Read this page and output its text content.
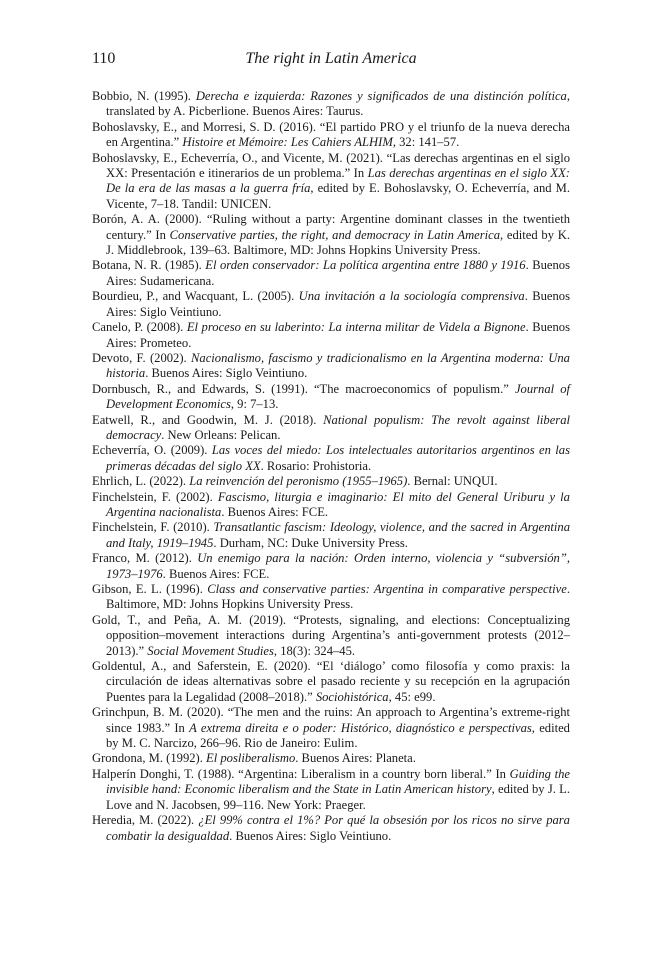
110	The right in Latin America

Bobbio, N. (1995). Derecha e izquierda: Razones y significados de una distinción política, translated by A. Picberlione. Buenos Aires: Taurus.

Bohoslavsky, E., and Morresi, S. D. (2016). “El partido PRO y el triunfo de la nueva derecha en Argentina.” Histoire et Mémoire: Les Cahiers ALHIM, 32: 141–57.

Bohoslavsky, E., Echeverría, O., and Vicente, M. (2021). “Las derechas argentinas en el siglo XX: Presentación e itinerarios de un problema.” In Las derechas argentinas en el siglo XX: De la era de las masas a la guerra fría, edited by E. Bohoslavsky, O. Echeverría, and M. Vicente, 7–18. Tandil: UNICEN.

Borón, A. A. (2000). “Ruling without a party: Argentine dominant classes in the twentieth century.” In Conservative parties, the right, and democracy in Latin America, edited by K. J. Middlebrook, 139–63. Baltimore, MD: Johns Hopkins University Press.

Botana, N. R. (1985). El orden conservador: La política argentina entre 1880 y 1916. Buenos Aires: Sudamericana.

Bourdieu, P., and Wacquant, L. (2005). Una invitación a la sociología comprensiva. Buenos Aires: Siglo Veintiuno.

Canelo, P. (2008). El proceso en su laberinto: La interna militar de Videla a Bignone. Buenos Aires: Prometeo.

Devoto, F. (2002). Nacionalismo, fascismo y tradicionalismo en la Argentina moderna: Una historia. Buenos Aires: Siglo Veintiuno.

Dornbusch, R., and Edwards, S. (1991). “The macroeconomics of populism.” Journal of Development Economics, 9: 7–13.

Eatwell, R., and Goodwin, M. J. (2018). National populism: The revolt against liberal democracy. New Orleans: Pelican.

Echeverría, O. (2009). Las voces del miedo: Los intelectuales autoritarios argentinos en las primeras décadas del siglo XX. Rosario: Prohistoria.

Ehrlich, L. (2022). La reinvención del peronismo (1955–1965). Bernal: UNQUI.

Finchelstein, F. (2002). Fascismo, liturgia e imaginario: El mito del General Uriburu y la Argentina nacionalista. Buenos Aires: FCE.

Finchelstein, F. (2010). Transatlantic fascism: Ideology, violence, and the sacred in Argentina and Italy, 1919–1945. Durham, NC: Duke University Press.

Franco, M. (2012). Un enemigo para la nación: Orden interno, violencia y “subversión”, 1973–1976. Buenos Aires: FCE.

Gibson, E. L. (1996). Class and conservative parties: Argentina in comparative perspective. Baltimore, MD: Johns Hopkins University Press.

Gold, T., and Peña, A. M. (2019). “Protests, signaling, and elections: Conceptualizing opposition–movement interactions during Argentina’s anti-government protests (2012–2013).” Social Movement Studies, 18(3): 324–45.

Goldentul, A., and Saferstein, E. (2020). “El ‘diálogo’ como filosofía y como praxis: la circulación de ideas alternativas sobre el pasado reciente y su recepción en la agrupación Puentes para la Legalidad (2008–2018).” Sociohistórica, 45: e99.

Grinchpun, B. M. (2020). “The men and the ruins: An approach to Argentina’s extreme-right since 1983.” In A extrema direita e o poder: Histórico, diagnóstico e perspectivas, edited by M. C. Narcizo, 266–96. Rio de Janeiro: Eulim.

Grondona, M. (1992). El posliberalismo. Buenos Aires: Planeta.

Halperín Donghi, T. (1988). “Argentina: Liberalism in a country born liberal.” In Guiding the invisible hand: Economic liberalism and the State in Latin American history, edited by J. L. Love and N. Jacobsen, 99–116. New York: Praeger.

Heredia, M. (2022). ¿El 99% contra el 1%? Por qué la obsesión por los ricos no sirve para combatir la desigualdad. Buenos Aires: Siglo Veintiuno.
